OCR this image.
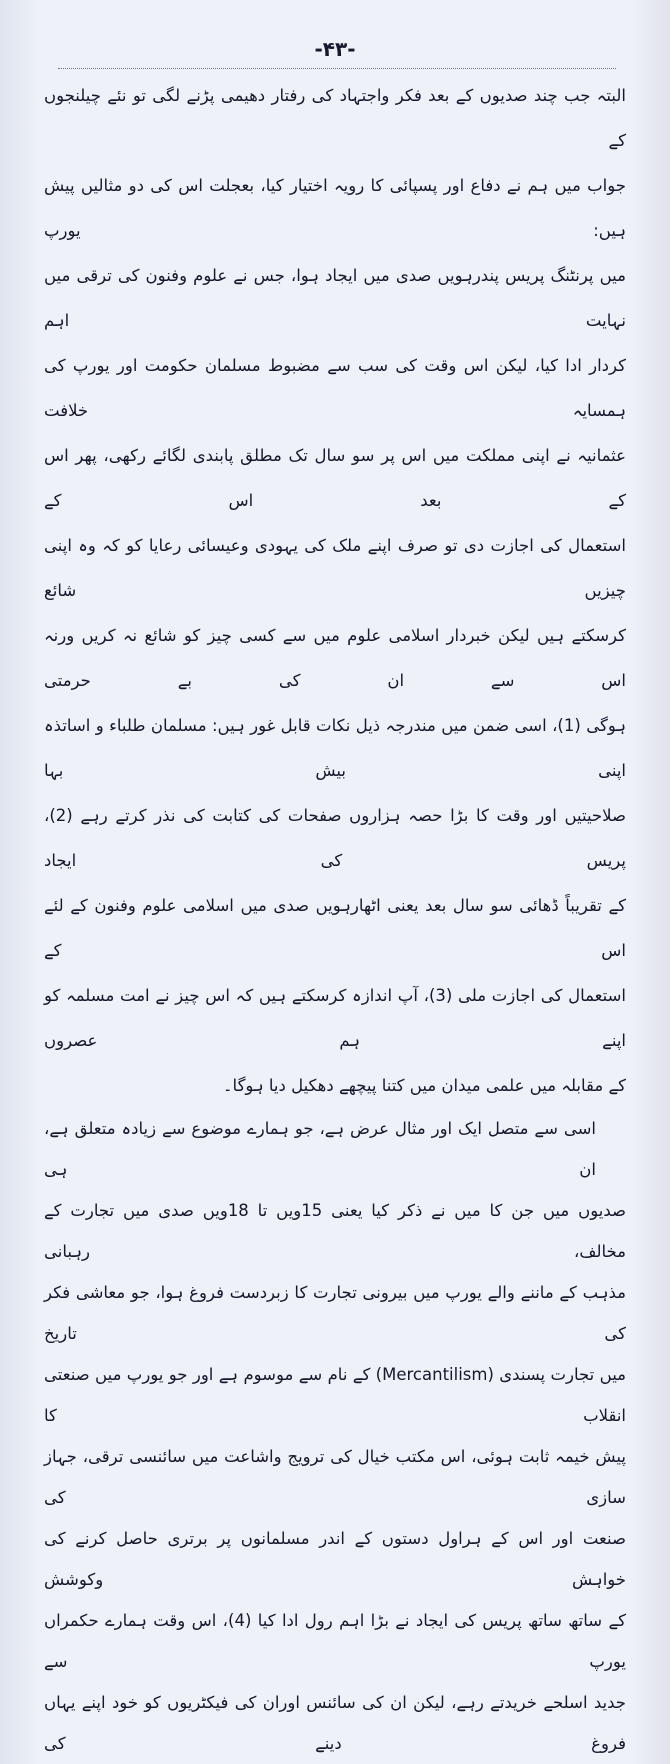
-۴۳-
البتہ جب چند صدیوں کے بعد فکر واجتہاد کی رفتار دھیمی پڑنے لگی تو نئے چیلنجوں کے
جواب میں ہم نے دفاع اور پسپائی کا رویہ اختیار کیا، بعجلت اس کی دو مثالیں پیش ہیں: یورپ
میں پرنٹنگ پریس پندرہویں صدی میں ایجاد ہوا، جس نے علوم وفنون کی ترقی میں نہایت اہم
کردار ادا کیا، لیکن اس وقت کی سب سے مضبوط مسلمان حکومت اور یورپ کی ہمسایہ خلافت
عثمانیہ نے اپنی مملکت میں اس پر سو سال تک مطلق پابندی لگائے رکھی، پھر اس کے بعد اس کے
استعمال کی اجازت دی تو صرف اپنے ملک کی یہودی وعیسائی رعایا کو کہ وہ اپنی چیزیں شائع
کرسکتے ہیں لیکن خبردار اسلامی علوم میں سے کسی چیز کو شائع نہ کریں ورنہ اس سے ان کی بے حرمتی
ہوگی (1)، اسی ضمن میں مندرجہ ذیل نکات قابل غور ہیں: مسلمان طلباء و اساتذہ اپنی بیش بہا
صلاحیتیں اور وقت کا بڑا حصہ ہزاروں صفحات کی کتابت کی نذر کرتے رہے (2)، پریس کی ایجاد
کے تقریباً ڈھائی سو سال بعد یعنی اٹھارہویں صدی میں اسلامی علوم وفنون کے لئے اس کے
استعمال کی اجازت ملی (3)، آپ اندازہ کرسکتے ہیں کہ اس چیز نے امت مسلمہ کو اپنے ہم عصروں
کے مقابلہ میں علمی میدان میں کتنا پیچھے دھکیل دیا ہوگا۔
اسی سے متصل ایک اور مثال عرض ہے، جو ہمارے موضوع سے زیادہ متعلق ہے، ان ہی
صدیوں میں جن کا میں نے ذکر کیا یعنی 15ویں تا 18ویں صدی میں تجارت کے مخالف، رہبانی
مذہب کے ماننے والے یورپ میں بیرونی تجارت کا زبردست فروغ ہوا، جو معاشی فکر کی تاریخ
میں تجارت پسندی (Mercantilism) کے نام سے موسوم ہے اور جو یورپ میں صنعتی انقلاب کا
پیش خیمہ ثابت ہوئی، اس مکتب خیال کی ترویج واشاعت میں سائنسی ترقی، جہاز سازی کی
صنعت اور اس کے ہراول دستوں کے اندر مسلمانوں پر برتری حاصل کرنے کی خواہش وکوشش
کے ساتھ ساتھ پریس کی ایجاد نے بڑا اہم رول ادا کیا (4)، اس وقت ہمارے حکمراں یورپ سے
جدید اسلحے خریدتے رہے، لیکن ان کی سائنس اوران کی فیکٹریوں کو خود اپنے یہاں فروغ دینے کی
